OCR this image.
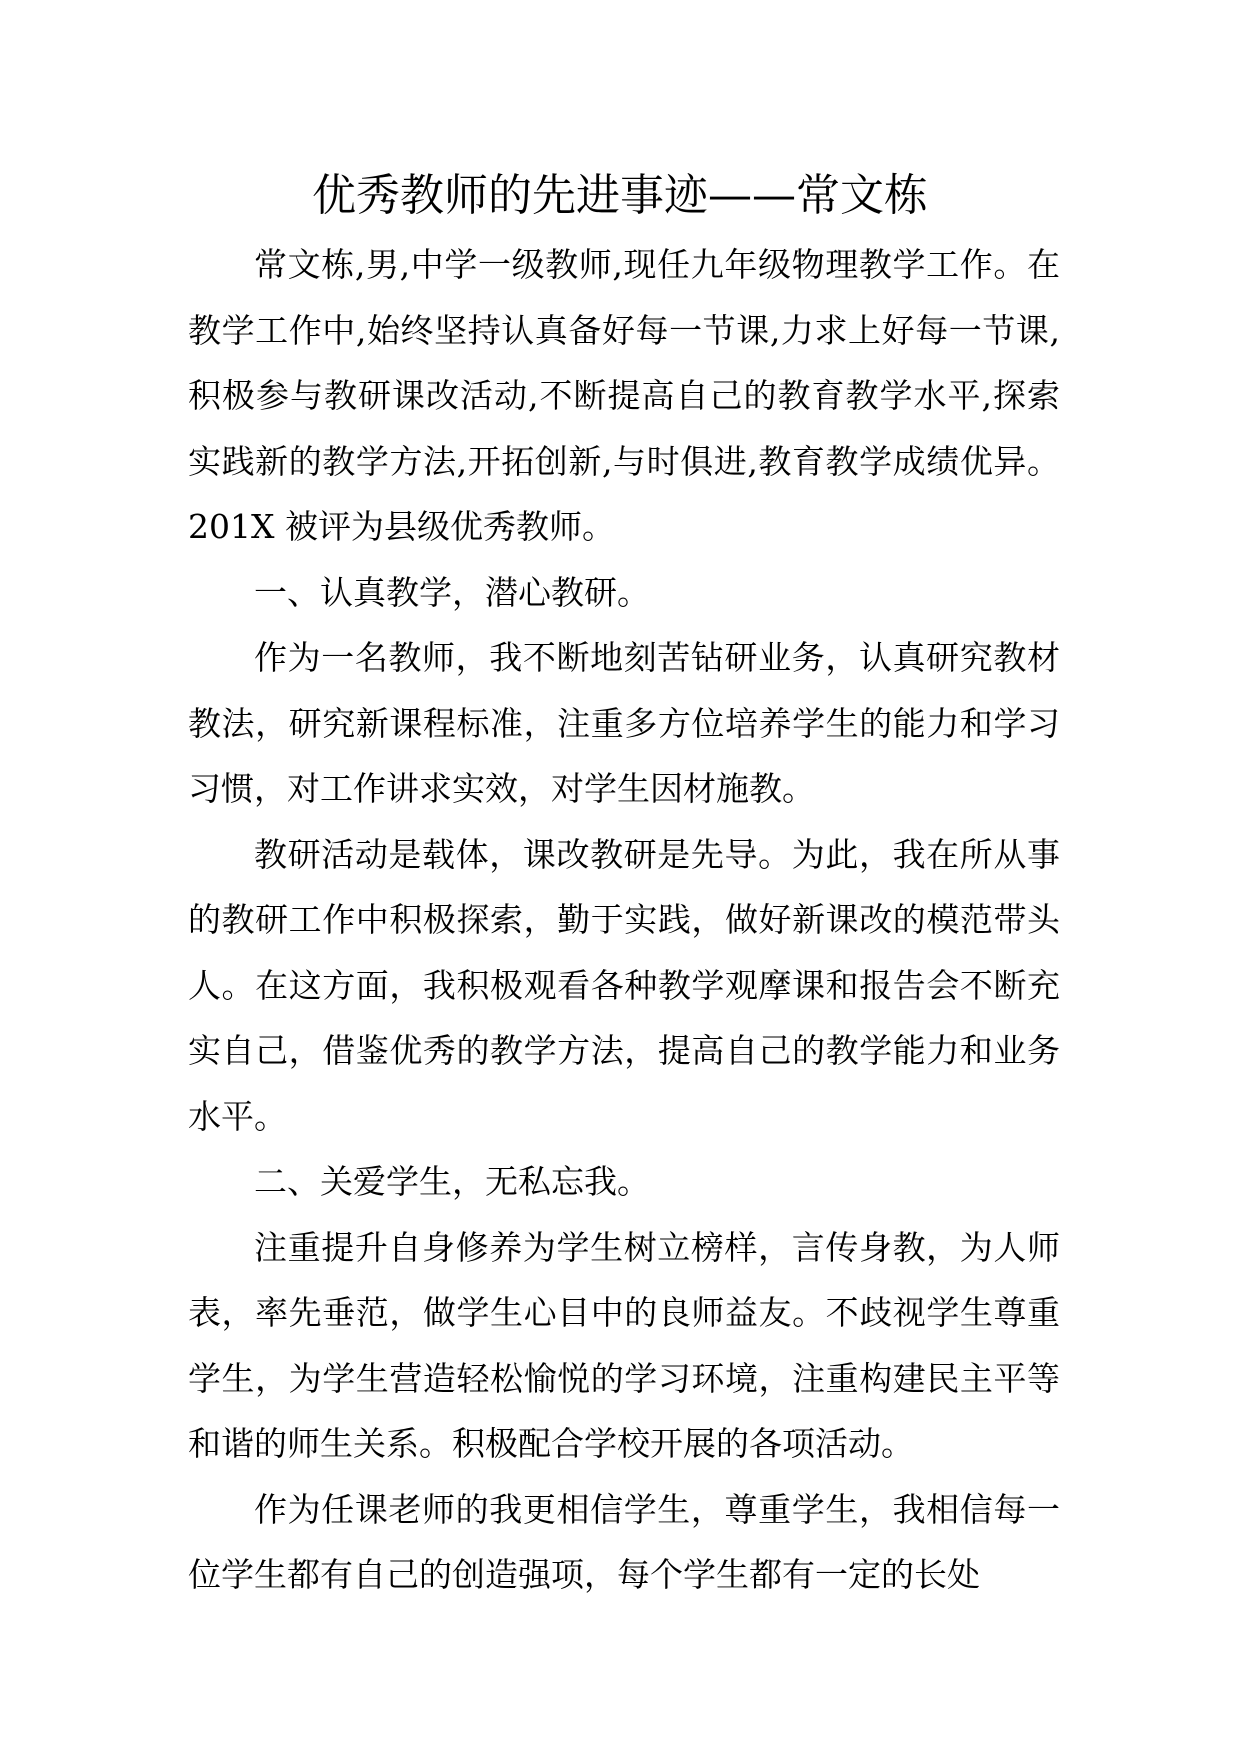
优秀教师的先进事迹——常文栋

常文栋,男,中学一级教师,现任九年级物理教学工作。在教学工作中,始终坚持认真备好每一节课,力求上好每一节课,积极参与教研课改活动,不断提高自己的教育教学水平,探索实践新的教学方法,开拓创新,与时俱进,教育教学成绩优异。201X 被评为县级优秀教师。

一、认真教学，潜心教研。

作为一名教师，我不断地刻苦钻研业务，认真研究教材教法，研究新课程标准，注重多方位培养学生的能力和学习习惯，对工作讲求实效，对学生因材施教。

教研活动是载体，课改教研是先导。为此，我在所从事的教研工作中积极探索，勤于实践，做好新课改的模范带头人。在这方面，我积极观看各种教学观摩课和报告会不断充实自己，借鉴优秀的教学方法，提高自己的教学能力和业务水平。

二、关爱学生，无私忘我。

注重提升自身修养为学生树立榜样，言传身教，为人师表，率先垂范，做学生心目中的良师益友。不歧视学生尊重学生，为学生营造轻松愉悦的学习环境，注重构建民主平等和谐的师生关系。积极配合学校开展的各项活动。

作为任课老师的我更相信学生，尊重学生，我相信每一位学生都有自己的创造强项，每个学生都有一定的长处
